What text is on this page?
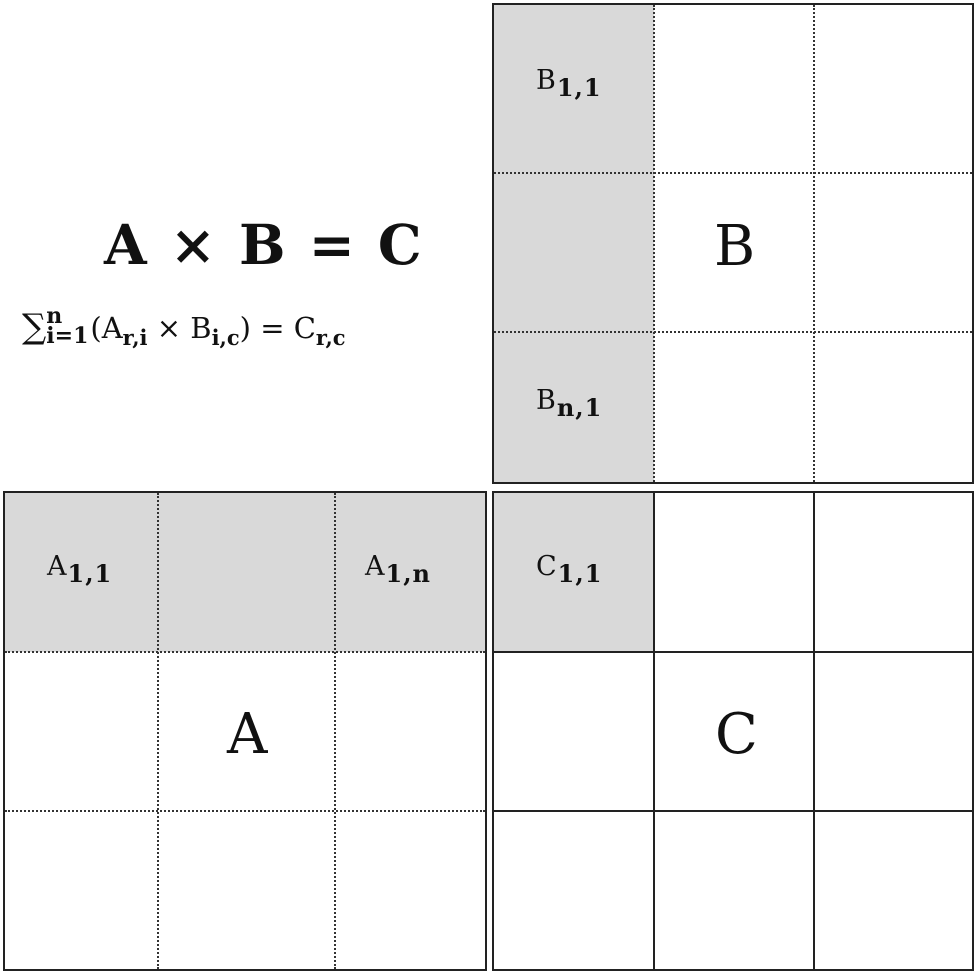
A × B = C
∑ n
i=1 $(A_{r,i} \times B_{i,c}) = C_{r,c}$
B1,1
Bn,1
B
A1,1	A1,n
A
C1,1
C
